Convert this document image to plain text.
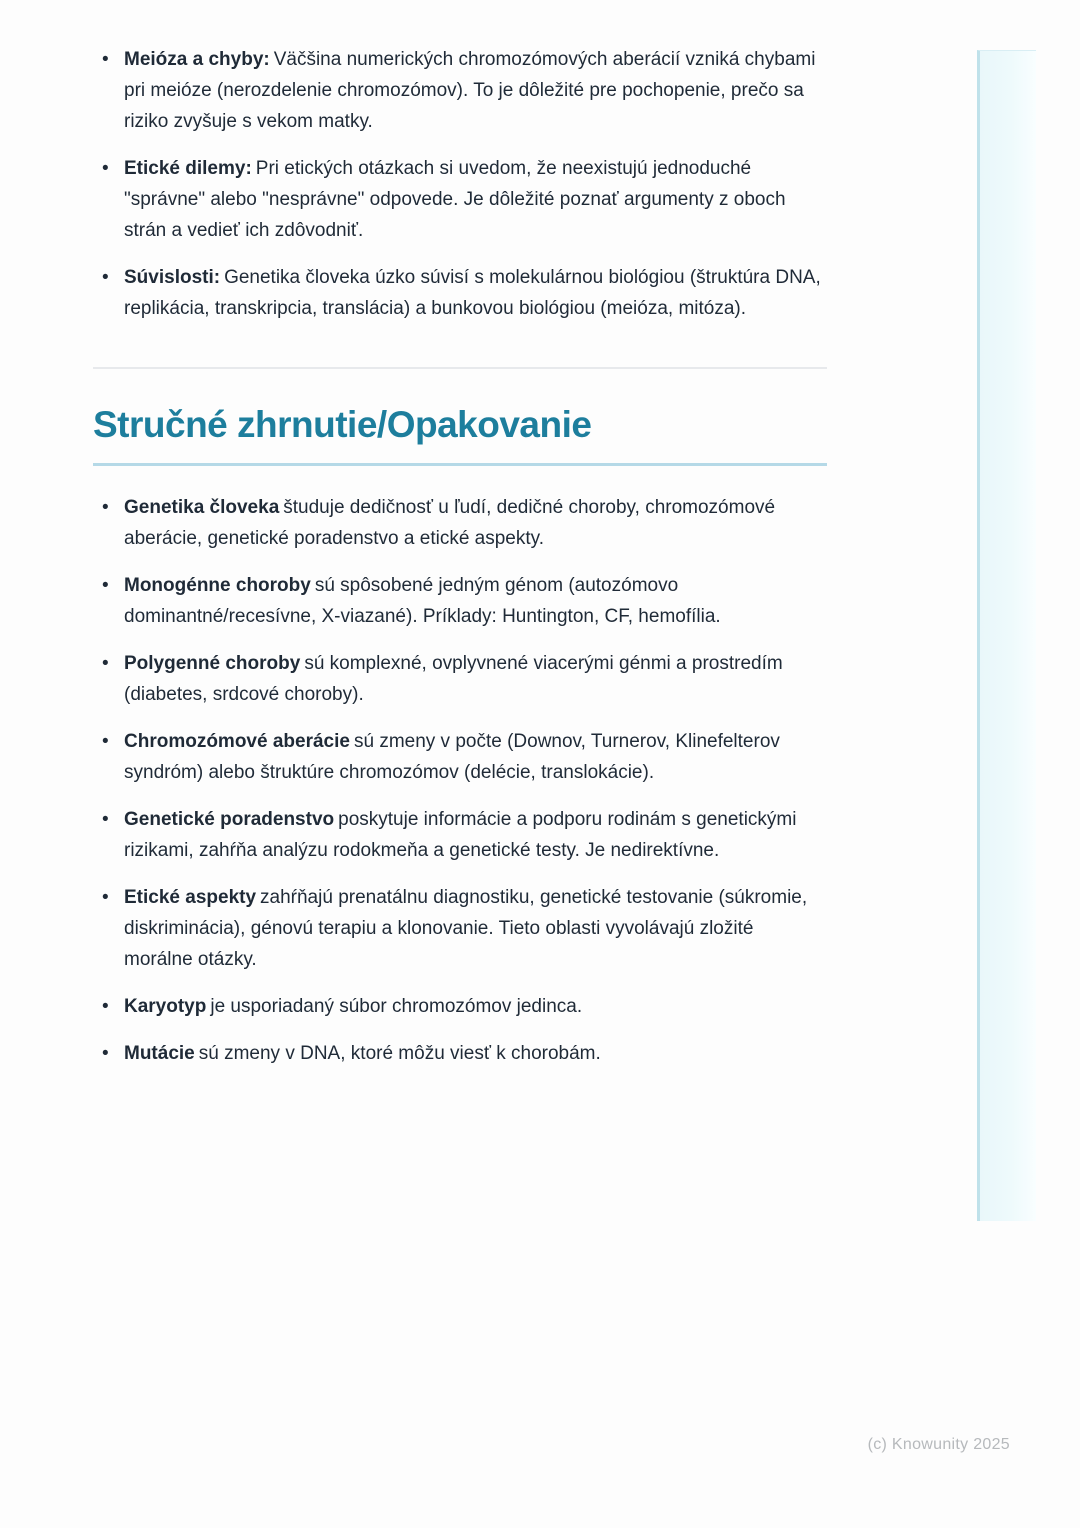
• Meióza a chyby: Väčšina numerických chromozómových aberácií vzniká chybami pri meióze (nerozdelenie chromozómov). To je dôležité pre pochopenie, prečo sa riziko zvyšuje s vekom matky.
• Etické dilemy: Pri etických otázkach si uvedom, že neexistujú jednoduché "správne" alebo "nesprávne" odpovede. Je dôležité poznať argumenty z oboch strán a vedieť ich zdôvodniť.
• Súvislosti: Genetika človeka úzko súvisí s molekulárnou biológiou (štruktúra DNA, replikácia, transkripcia, translácia) a bunkovou biológiou (meióza, mitóza).
Stručné zhrnutie/Opakovanie
• Genetika človeka študuje dedičnosť u ľudí, dedičné choroby, chromozómové aberácie, genetické poradenstvo a etické aspekty.
• Monogénne choroby sú spôsobené jedným génom (autozómovo dominantné/recesívne, X-viazané). Príklady: Huntington, CF, hemofília.
• Polygenné choroby sú komplexné, ovplyvnené viacerými génmi a prostredím (diabetes, srdcové choroby).
• Chromozómové aberácie sú zmeny v počte (Downov, Turnerov, Klinefelterov syndróm) alebo štruktúre chromozómov (delécie, translokácie).
• Genetické poradenstvo poskytuje informácie a podporu rodinám s genetickými rizikami, zahŕňa analýzu rodokmeňa a genetické testy. Je nedirektívne.
• Etické aspekty zahŕňajú prenatálnu diagnostiku, genetické testovanie (súkromie, diskriminácia), génovú terapiu a klonovanie. Tieto oblasti vyvolávajú zložité morálne otázky.
• Karyotyp je usporiadaný súbor chromozómov jedinca.
• Mutácie sú zmeny v DNA, ktoré môžu viesť k chorobám.
(c) Knowunity 2025
